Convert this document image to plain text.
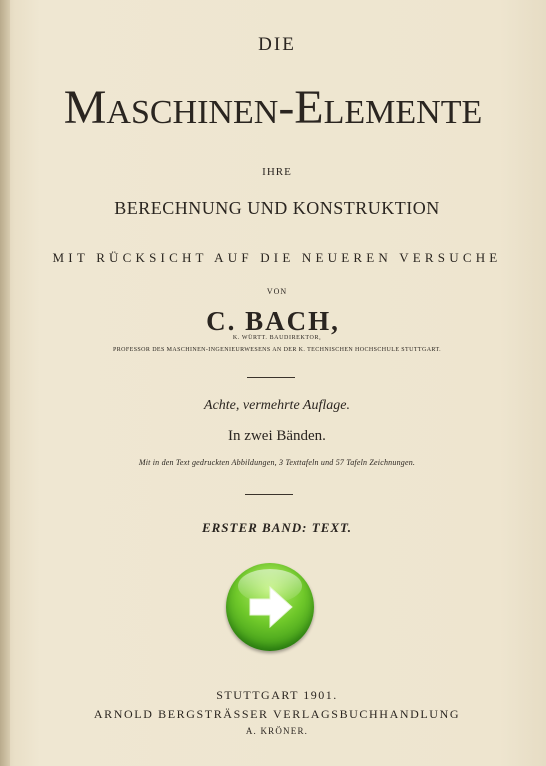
DIE
MASCHINEN-ELEMENTE
IHRE
BERECHNUNG UND KONSTRUKTION
MIT RÜCKSICHT AUF DIE NEUEREN VERSUCHE
VON
C. BACH,
K. WÜRTT. BAUDIREKTOR,
PROFESSOR DES MASCHINEN-INGENIEURWESENS AN DER K. TECHNISCHEN HOCHSCHULE STUTTGART.
Achte, vermehrte Auflage.
In zwei Bänden.
Mit in den Text gedruckten Abbildungen, 3 Texttafeln und 57 Tafeln Zeichnungen.
ERSTER BAND: TEXT.
STUTTGART 1901.
ARNOLD BERGSTRÄSSER VERLAGSBUCHHANDLUNG
A. KRÖNER.
